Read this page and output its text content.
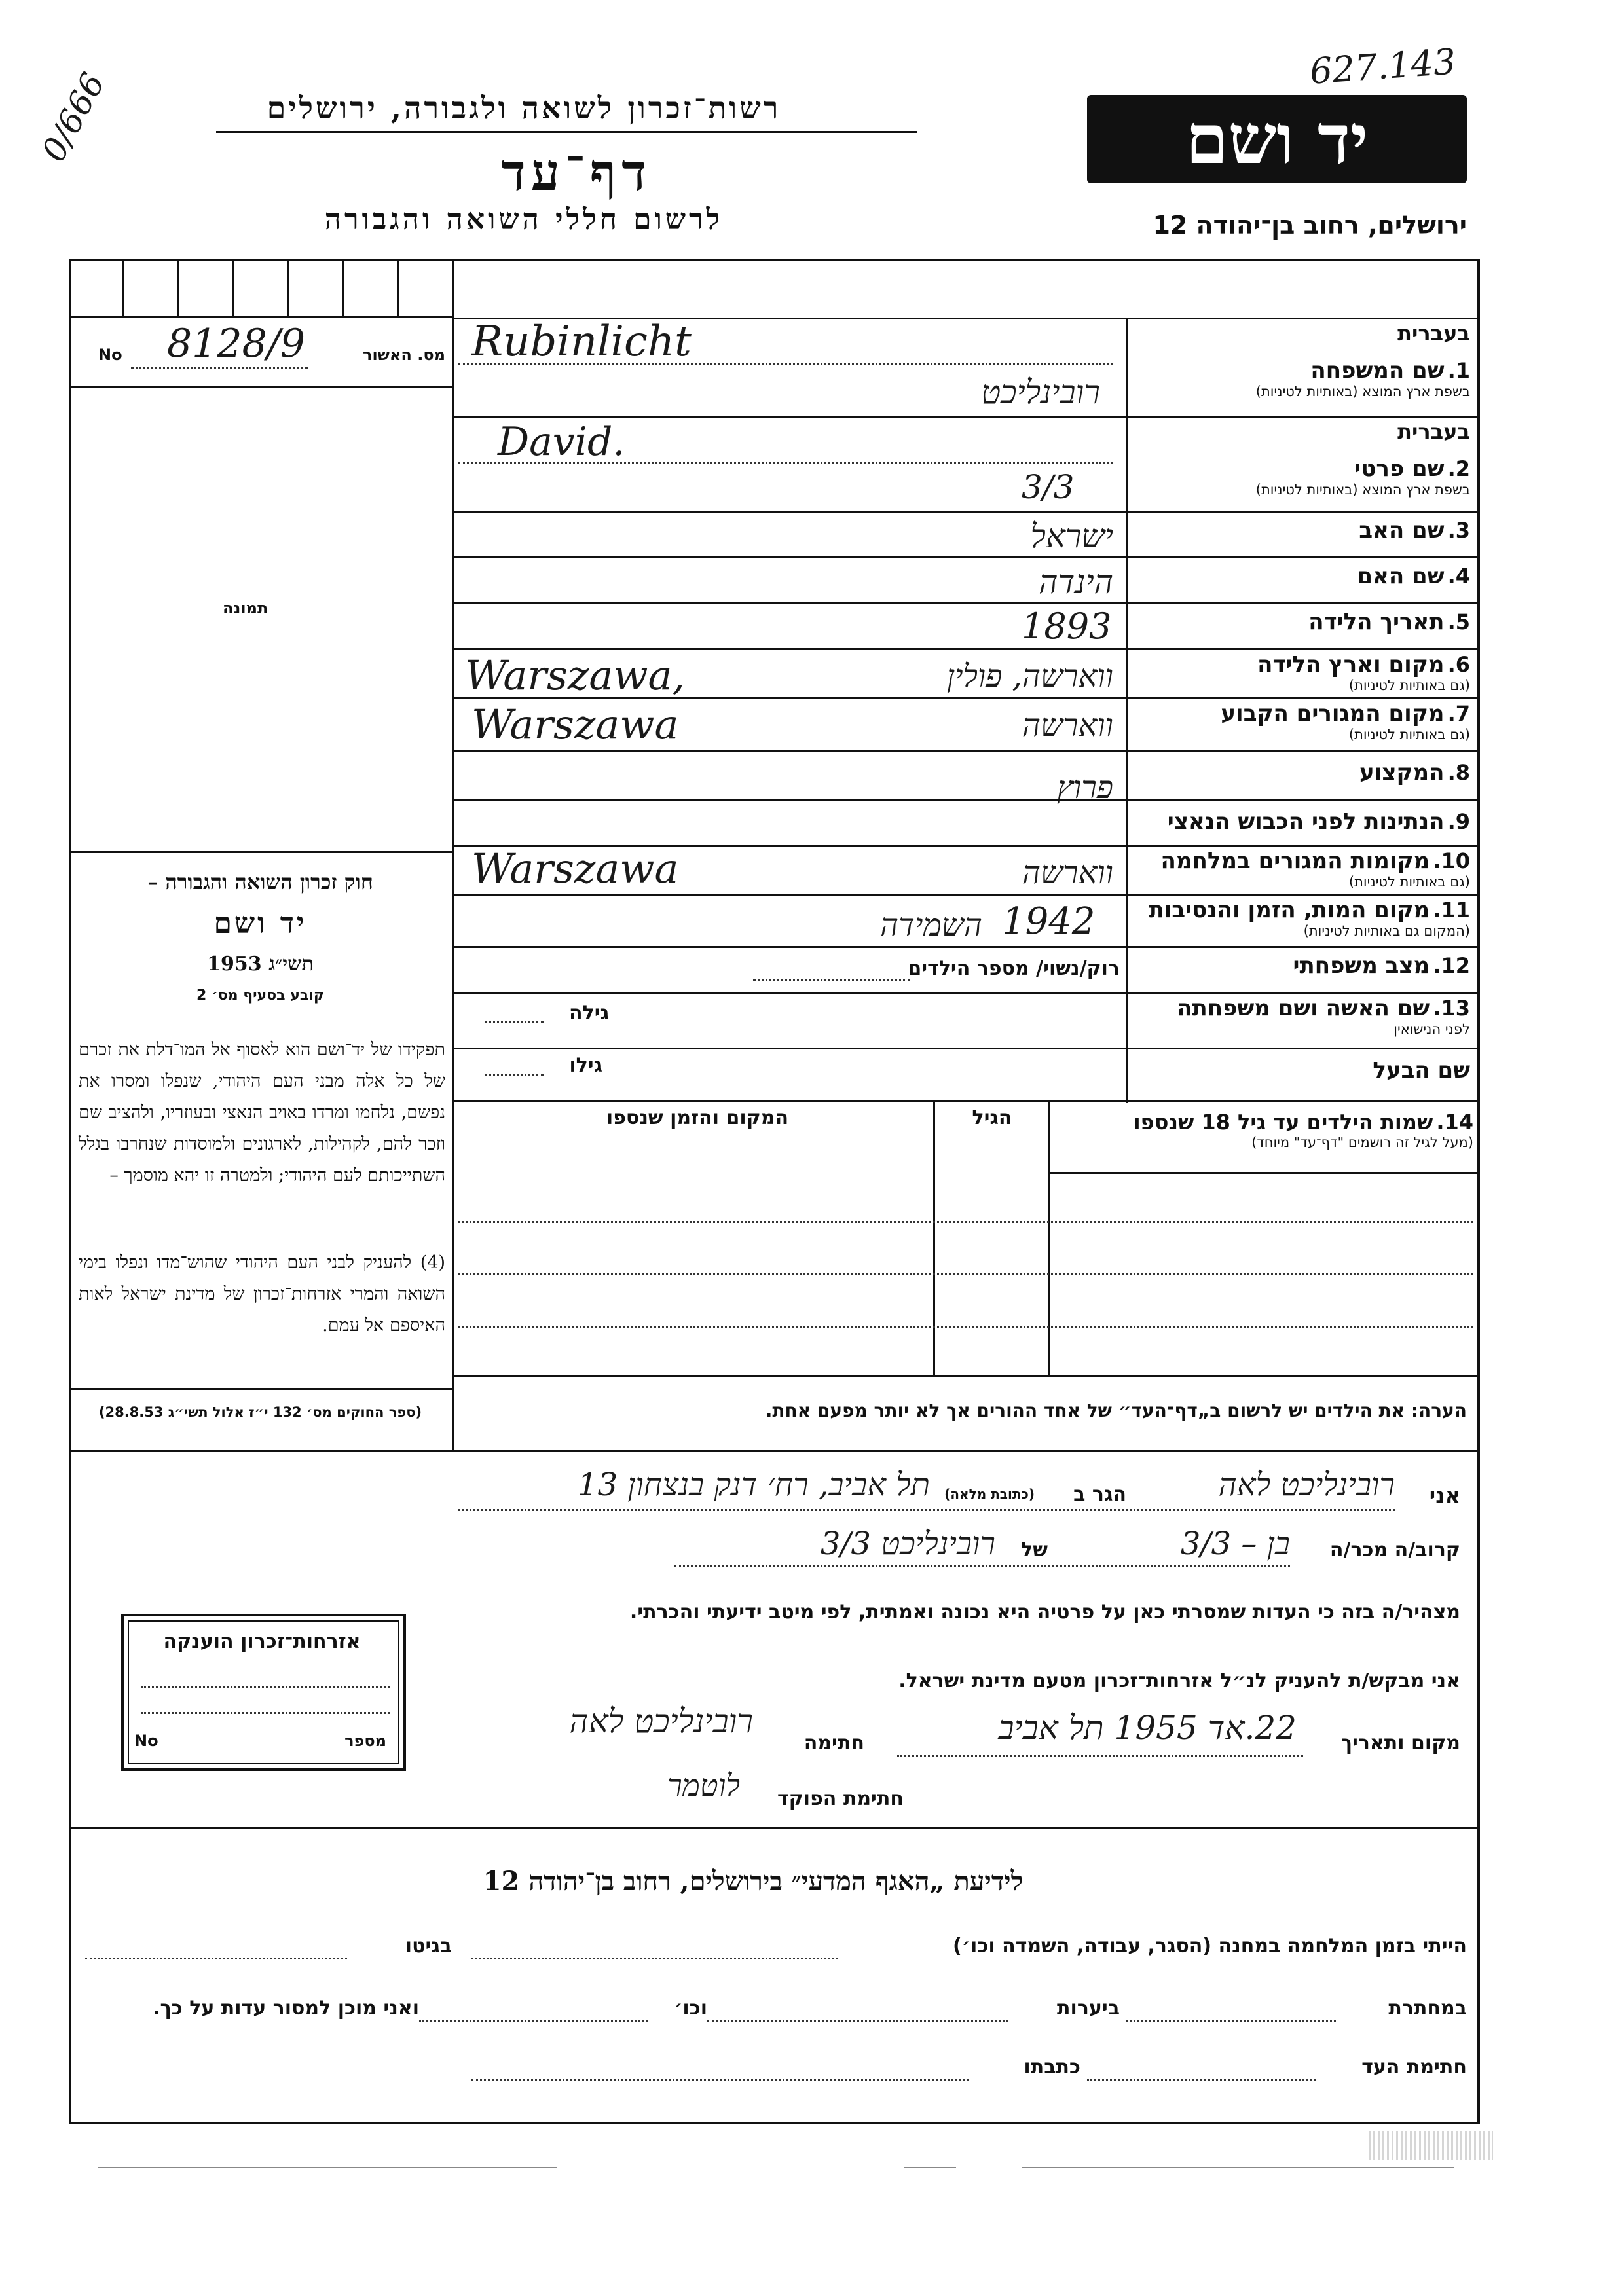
627.143
0/666	יד ושם
רשות־זכרון לשואה ולגבורה, ירושלים
דף־עד
לרשום חללי השואה והגבורה	ירושלים, רחוב בן־יהודה 12
No 8128/9	מס. האשור
תמונה
חוק זכרון השואה והגבורה –
יד ושם
תשי״ג 1953
קובע בסעיף מס׳ 2
תפקידו של יד־ושם הוא לאסוף אל המו־דלת את זכרם של כל אלה מבני העם היהודי, שנפלו ומסרו את נפשם, נלחמו ומרדו באויב הנאצי ובעוזריו, ולהציב שם וזכר להם, לקהילות, לארגונים ולמוסדות שנחרבו בגלל השתייכותם לעם היהודי; ולמטרה זו יהא מוסמך –
(4) להעניק לבני העם היהודי שהוש־מדו ונפלו בימי השואה והמרי אזרחות־זכרון של מדינת ישראל לאות האיספם אל עמם.
(ספר החוקים מס׳ 132 י״ז אלול תשי״ג 28.8.53)
בעברית
1. שם המשפחה
בשפת ארץ המוצא (באותיות לטיניות)
Rubinlicht
רובינליכט
בעברית
2. שם פרטי
בשפת ארץ המוצא (באותיות לטיניות)
David.
3/3
3. שם האב
ישראל
4. שם האם
הינדה
5. תאריך הלידה
1893
6. מקום וארץ הלידה
(גם באותיות לטיניות)
Warszawa,	ווארשה, פולין
7. מקום המגורים הקבוע
(גם באותיות לטיניות)
Warszawa	ווארשה
8. המקצוע
פרוץ
9. הנתינות לפני הכבוש הנאצי
10. מקומות המגורים במלחמה
(גם באותיות לטיניות)
Warszawa	ווארשה
11. מקום המות, הזמן והנסיבות
(המקום גם באותיות לטיניות)
1942
השמידה
12. מצב משפחתי
רוק/נשוי/ מספר הילדים
13. שם האשה ושם משפחתה
לפני הנישואין
גילה
שם הבעל
גילו
14. שמות הילדים עד גיל 18 שנספו
(מעל לגיל זה רושמים "דף־עד" מיוחד)
הגיל
המקום והזמן שנספו
הערה: את הילדים יש לרשום ב„דף־העד״ של אחד ההורים אך לא יותר מפעם אחת.
אני
רובינליכט לאה
הגר ב
(כתובת מלאה)
תל אביב, רח׳ דנק בנצחון 13
קרוב/ה מכר/ה
בן – 3/3
של
רובינליכט 3/3
מצהיר/ה בזה כי העדות שמסרתי כאן על פרטיה היא נכונה ואמתית, לפי מיטב ידיעתי והכרתי.
אני מבקש/ת להעניק לנ״ל אזרחות־זכרון מטעם מדינת ישראל.
מקום ותאריך
22.אד 1955 תל אביב
חתימה
רובינליכט לאה
חתימת הפוקד
לוטמר
אזרחות־זכרון הוענקה
No	מספר
לידיעת „האגף המדעי״ בירושלים, רחוב בן־יהודה 12
הייתי בזמן המלחמה במחנה (הסגר, עבודה, השמדה וכו׳)
בגיטו
במחתרת
ביערות
וכו׳
ואני מוכן למסור עדות על כך.
חתימת העד
כתבתו
